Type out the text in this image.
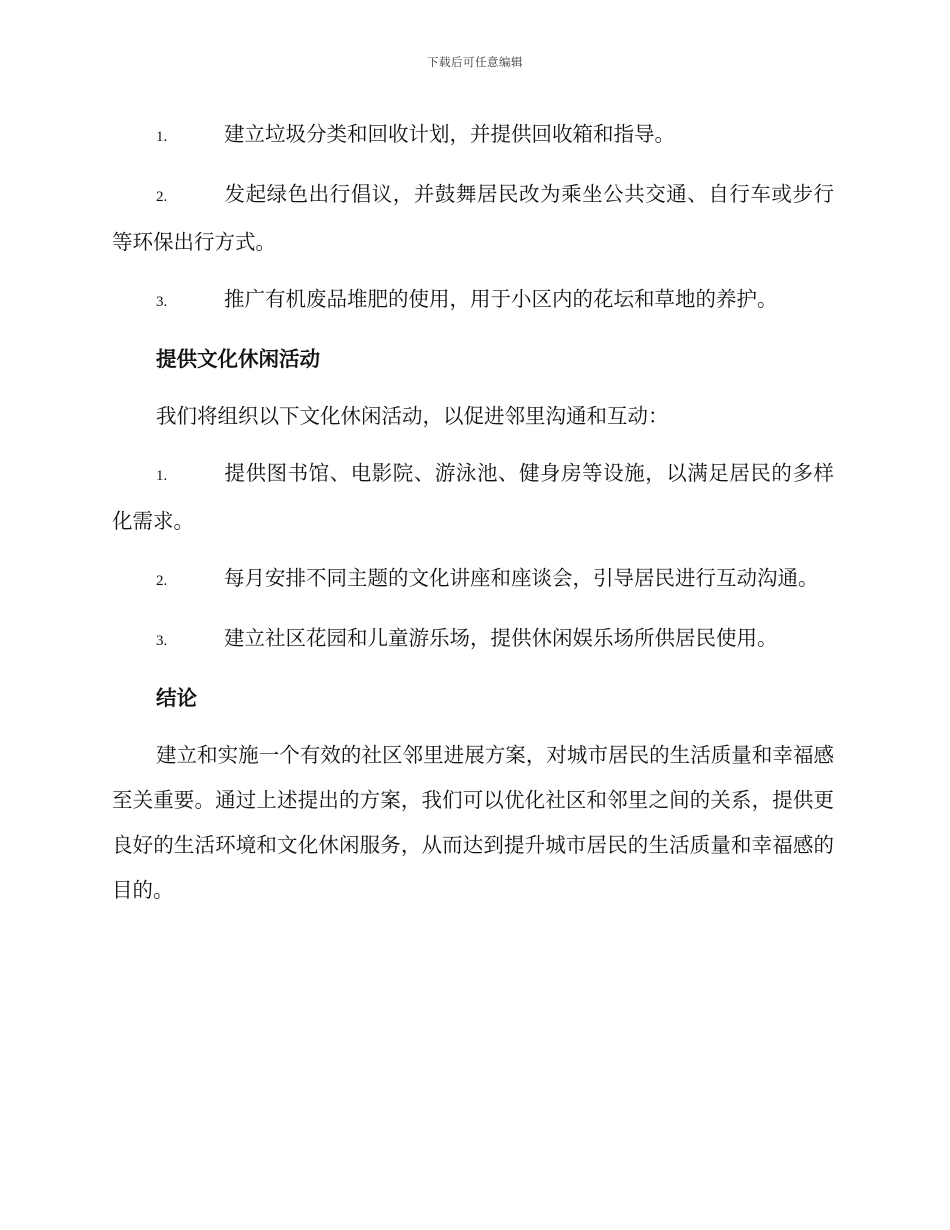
下载后可任意编辑

1.	建立垃圾分类和回收计划，并提供回收箱和指导。

2.	发起绿色出行倡议，并鼓舞居民改为乘坐公共交通、自行车或步行等环保出行方式。

3.	推广有机废品堆肥的使用，用于小区内的花坛和草地的养护。

提供文化休闲活动

我们将组织以下文化休闲活动，以促进邻里沟通和互动：

1.	提供图书馆、电影院、游泳池、健身房等设施，以满足居民的多样化需求。

2.	每月安排不同主题的文化讲座和座谈会，引导居民进行互动沟通。

3.	建立社区花园和儿童游乐场，提供休闲娱乐场所供居民使用。

结论

建立和实施一个有效的社区邻里进展方案，对城市居民的生活质量和幸福感至关重要。通过上述提出的方案，我们可以优化社区和邻里之间的关系，提供更良好的生活环境和文化休闲服务，从而达到提升城市居民的生活质量和幸福感的目的。
